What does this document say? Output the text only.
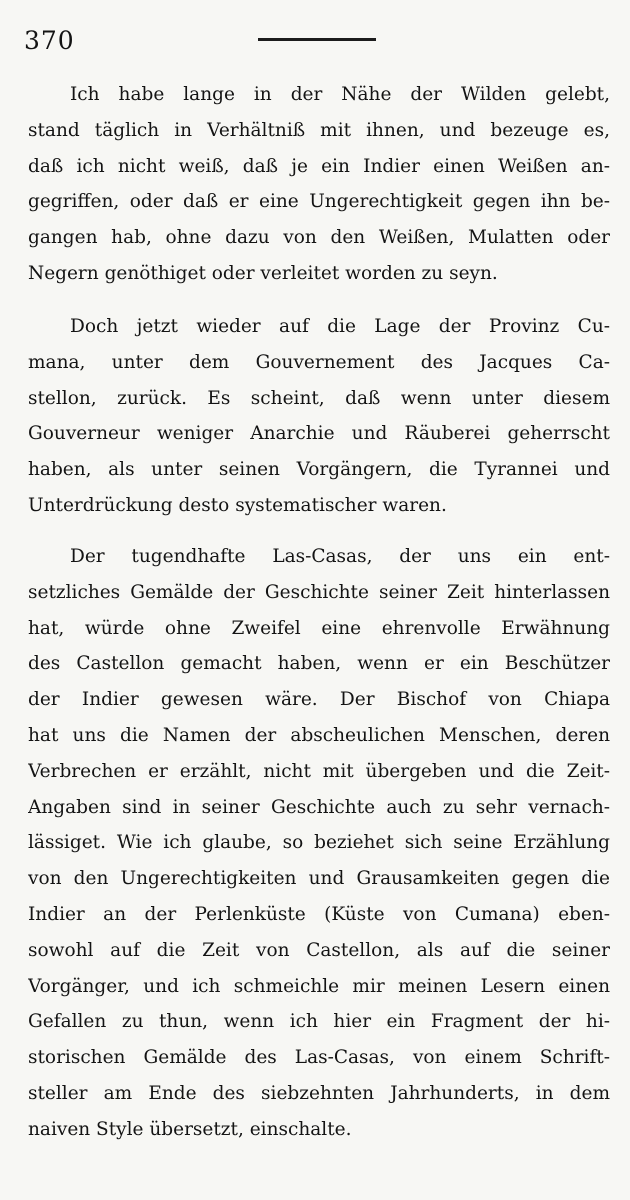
370
Ich habe lange in der Nähe der Wilden gelebt,
stand täglich in Verhältniß mit ihnen, und bezeuge es,
daß ich nicht weiß, daß je ein Indier einen Weißen an-
gegriffen, oder daß er eine Ungerechtigkeit gegen ihn be-
gangen hab, ohne dazu von den Weißen, Mulatten oder
Negern genöthiget oder verleitet worden zu seyn.
Doch jetzt wieder auf die Lage der Provinz Cu-
mana, unter dem Gouvernement des Jacques Ca-
stellon, zurück. Es scheint, daß wenn unter diesem
Gouverneur weniger Anarchie und Räuberei geherrscht
haben, als unter seinen Vorgängern, die Tyrannei und
Unterdrückung desto systematischer waren.
Der tugendhafte Las-Casas, der uns ein ent-
setzliches Gemälde der Geschichte seiner Zeit hinterlassen
hat, würde ohne Zweifel eine ehrenvolle Erwähnung
des Castellon gemacht haben, wenn er ein Beschützer
der Indier gewesen wäre. Der Bischof von Chiapa
hat uns die Namen der abscheulichen Menschen, deren
Verbrechen er erzählt, nicht mit übergeben und die Zeit-
Angaben sind in seiner Geschichte auch zu sehr vernach-
lässiget. Wie ich glaube, so beziehet sich seine Erzählung
von den Ungerechtigkeiten und Grausamkeiten gegen die
Indier an der Perlenküste (Küste von Cumana) eben-
sowohl auf die Zeit von Castellon, als auf die seiner
Vorgänger, und ich schmeichle mir meinen Lesern einen
Gefallen zu thun, wenn ich hier ein Fragment der hi-
storischen Gemälde des Las-Casas, von einem Schrift-
steller am Ende des siebzehnten Jahrhunderts, in dem
naiven Style übersetzt, einschalte.
